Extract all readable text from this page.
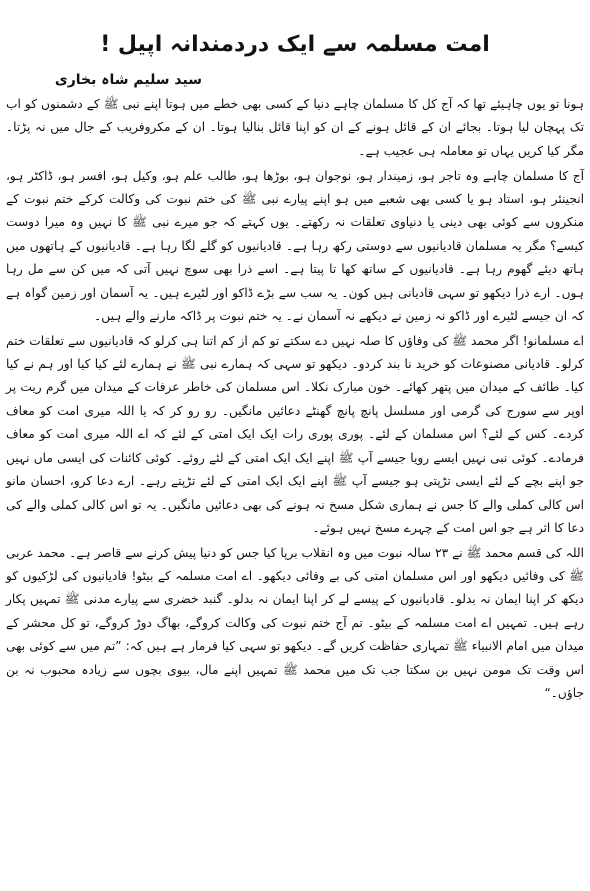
امت مسلمہ سے ایک دردمندانہ اپیل !
سید سلیم شاہ بخاری

ہونا تو یوں چاہیئے تھا کہ آج کل کا مسلمان چاہے دنیا کے کسی بھی خطے میں ہوتا اپنے نبی ﷺ کے دشمنوں کو اب تک پہچان لیا ہوتا۔ بجائے ان کے قائل ہونے کے ان کو اپنا قائل بنالیا ہوتا۔ ان کے مکروفریب کے جال میں نہ پڑتا۔ مگر کیا کریں یہاں تو معاملہ ہی عجیب ہے۔

آج کا مسلمان چاہے وہ تاجر ہو، زمیندار ہو، نوجوان ہو، بوڑھا ہو، طالب علم ہو، وکیل ہو، افسر ہو، ڈاکٹر ہو، انجینئر ہو، استاد ہو یا کسی بھی شعبے میں ہو اپنے پیارے نبی ﷺ کی ختم نبوت کی وکالت کرکے ختم نبوت کے منکروں سے کوئی بھی دینی یا دنیاوی تعلقات نہ رکھتے۔ یوں کہتے کہ جو میرے نبی ﷺ کا نہیں وہ میرا دوست کیسے؟ مگر یہ مسلمان قادیانیوں سے دوستی رکھ رہا ہے۔ قادیانیوں کو گلے لگا رہا ہے۔ قادیانیوں کے ہاتھوں میں ہاتھ دیئے گھوم رہا ہے۔ قادیانیوں کے ساتھ کھا تا پیتا ہے۔ اسے ذرا بھی سوچ نہیں آتی کہ میں کن سے مل رہا ہوں۔ ارے ذرا دیکھو تو سہی قادیانی ہیں کون۔ یہ سب سے بڑے ڈاکو اور لٹیرے ہیں۔ یہ آسمان اور زمین گواہ ہے کہ ان جیسے لٹیرے اور ڈاکو نہ زمین نے دیکھے نہ آسمان نے۔ یہ ختم نبوت پر ڈاکہ مارنے والے ہیں۔

اے مسلمانو! اگر محمد ﷺ کی وفاؤں کا صلہ نہیں دے سکتے تو کم از کم اتنا ہی کرلو کہ قادیانیوں سے تعلقات ختم کرلو۔ قادیانی مصنوعات کو خرید نا بند کردو۔ دیکھو تو سہی کہ ہمارے نبی ﷺ نے ہمارے لئے کیا کیا اور ہم نے کیا کیا۔ طائف کے میدان میں پتھر کھائے۔ خون مبارک نکلا۔ اس مسلمان کی خاطر عرفات کے میدان میں گرم ریت پر اوپر سے سورج کی گرمی اور مسلسل پانچ پانچ گھنٹے دعائیں مانگیں۔ رو رو کر کہ یا اللہ میری امت کو معاف کردے۔ کس کے لئے؟ اس مسلمان کے لئے۔ پوری پوری رات ایک ایک امتی کے لئے کہ اے اللہ میری امت کو معاف فرمادے۔ کوئی نبی نہیں ایسے رویا جیسے آپ ﷺ اپنے ایک ایک امتی کے لئے روئے۔ کوئی کائنات کی ایسی ماں نہیں جو اپنے بچے کے لئے ایسی تڑپتی ہو جیسے آپ ﷺ اپنے ایک ایک امتی کے لئے تڑپتے رہے۔ ارے دعا کرو، احسان مانو اس کالی کملی والے کا جس نے ہماری شکل مسخ نہ ہونے کی بھی دعائیں مانگیں۔ یہ تو اس کالی کملی والے کی دعا کا اثر ہے جو اس امت کے چہرے مسخ نہیں ہوئے۔

اللہ کی قسم محمد ﷺ نے ۲۳ سالہ نبوت میں وہ انقلاب برپا کیا جس کو دنیا پیش کرنے سے قاصر ہے۔ محمد عربی ﷺ کی وفائیں دیکھو اور اس مسلمان امتی کی بے وفائی دیکھو۔ اے امت مسلمہ کے بیٹو! قادیانیوں کی لڑکیوں کو دیکھ کر اپنا ایمان نہ بدلو۔ قادیانیوں کے پیسے لے کر اپنا ایمان نہ بدلو۔ گنبد خضری سے پیارے مدنی ﷺ تمہیں پکار رہے ہیں۔ تمہیں اے امت مسلمہ کے بیٹو۔ تم آج ختم نبوت کی وکالت کروگے، بھاگ دوڑ کروگے، تو کل محشر کے میدان میں امام الانبیاء ﷺ تمہاری حفاظت کریں گے۔ دیکھو تو سہی کیا فرمار ہے ہیں کہ: ”تم میں سے کوئی بھی اس وقت تک مومن نہیں بن سکتا جب تک میں محمد ﷺ تمہیں اپنے مال، بیوی بچوں سے زیادہ محبوب نہ بن جاؤں۔“
